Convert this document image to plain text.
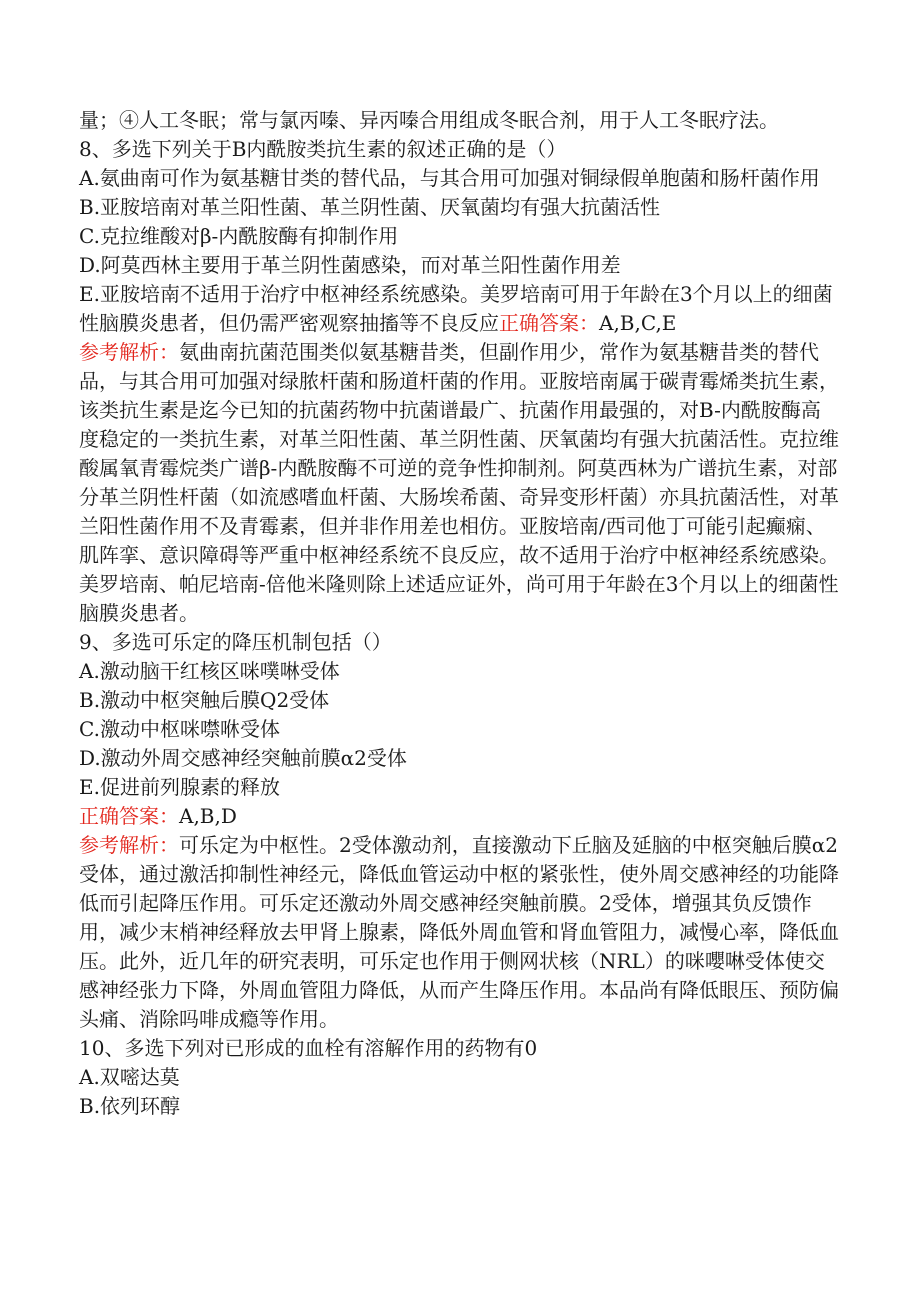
量；④人工冬眠；常与氯丙嗪、异丙嗪合用组成冬眠合剂，用于人工冬眠疗法。

8、多选下列关于Β内酰胺类抗生素的叙述正确的是（）

A.氨曲南可作为氨基糖甘类的替代品，与其合用可加强对铜绿假单胞菌和肠杆菌作用

B.亚胺培南对革兰阳性菌、革兰阴性菌、厌氧菌均有强大抗菌活性

C.克拉维酸对β-内酰胺酶有抑制作用

D.阿莫西林主要用于革兰阴性菌感染，而对革兰阳性菌作用差

E.亚胺培南不适用于治疗中枢神经系统感染。美罗培南可用于年龄在3个月以上的细菌性脑膜炎患者，但仍需严密观察抽搐等不良反应正确答案：A,B,C,E

参考解析：氨曲南抗菌范围类似氨基糖昔类，但副作用少，常作为氨基糖昔类的替代品，与其合用可加强对绿脓杆菌和肠道杆菌的作用。亚胺培南属于碳青霉烯类抗生素，该类抗生素是迄今已知的抗菌药物中抗菌谱最广、抗菌作用最强的，对B-内酰胺酶高度稳定的一类抗生素，对革兰阳性菌、革兰阴性菌、厌氧菌均有强大抗菌活性。克拉维酸属氧青霉烷类广谱β-内酰胺酶不可逆的竞争性抑制剂。阿莫西林为广谱抗生素，对部分革兰阴性杆菌（如流感嗜血杆菌、大肠埃希菌、奇异变形杆菌）亦具抗菌活性，对革兰阳性菌作用不及青霉素，但并非作用差也相仿。亚胺培南/西司他丁可能引起癫痫、肌阵挛、意识障碍等严重中枢神经系统不良反应，故不适用于治疗中枢神经系统感染。美罗培南、帕尼培南-倍他米隆则除上述适应证外，尚可用于年龄在3个月以上的细菌性脑膜炎患者。

9、多选可乐定的降压机制包括（）

A.激动脑干红核区咪噗啉受体

B.激动中枢突触后膜Q2受体

C.激动中枢咪噤咻受体

D.激动外周交感神经突触前膜α2受体

E.促进前列腺素的释放

正确答案：A,B,D

参考解析：可乐定为中枢性。2受体激动剂，直接激动下丘脑及延脑的中枢突触后膜α2受体，通过激活抑制性神经元，降低血管运动中枢的紧张性，使外周交感神经的功能降低而引起降压作用。可乐定还激动外周交感神经突触前膜。2受体，增强其负反馈作用，减少末梢神经释放去甲肾上腺素，降低外周血管和肾血管阻力，减慢心率，降低血压。此外，近几年的研究表明，可乐定也作用于侧网状核（NRL）的咪嚶啉受体使交感神经张力下降，外周血管阻力降低，从而产生降压作用。本品尚有降低眼压、预防偏头痛、消除吗啡成瘾等作用。

10、多选下列对已形成的血栓有溶解作用的药物有0

A.双嘧达莫

B.依列环醇
